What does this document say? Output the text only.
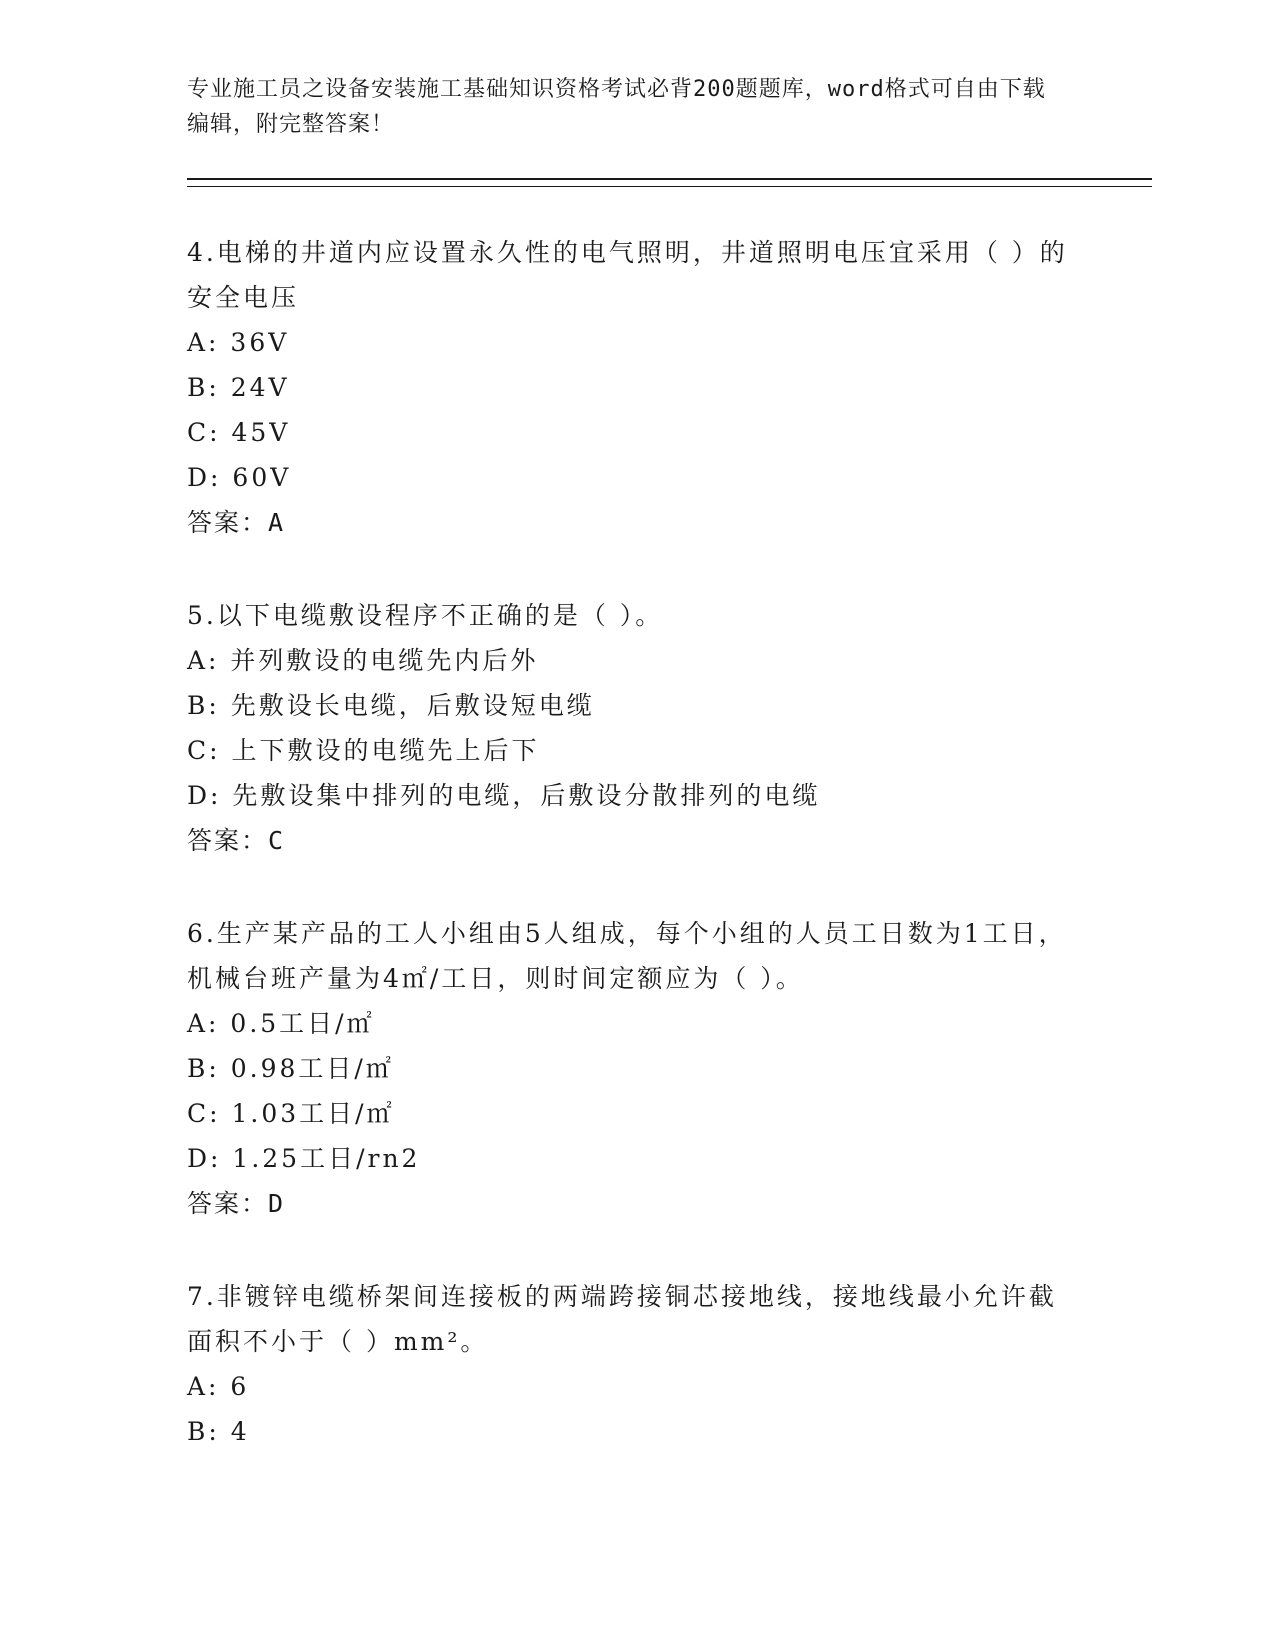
专业施工员之设备安装施工基础知识资格考试必背200题题库，word格式可自由下载编辑，附完整答案！
4.电梯的井道内应设置永久性的电气照明，井道照明电压宜采用（ ）的安全电压
A: 36V
B: 24V
C: 45V
D: 60V
答案：A
5.以下电缆敷设程序不正确的是（ ）。
A: 并列敷设的电缆先内后外
B: 先敷设长电缆，后敷设短电缆
C: 上下敷设的电缆先上后下
D: 先敷设集中排列的电缆，后敷设分散排列的电缆
答案：C
6.生产某产品的工人小组由5人组成，每个小组的人员工日数为1工日，机械台班产量为4㎡/工日，则时间定额应为（ ）。
A: 0.5工日/㎡
B: 0.98工日/㎡
C: 1.03工日/㎡
D: 1.25工日/rn2
答案：D
7.非镀锌电缆桥架间连接板的两端跨接铜芯接地线，接地线最小允许截面积不小于（ ）mm²。
A: 6
B: 4
